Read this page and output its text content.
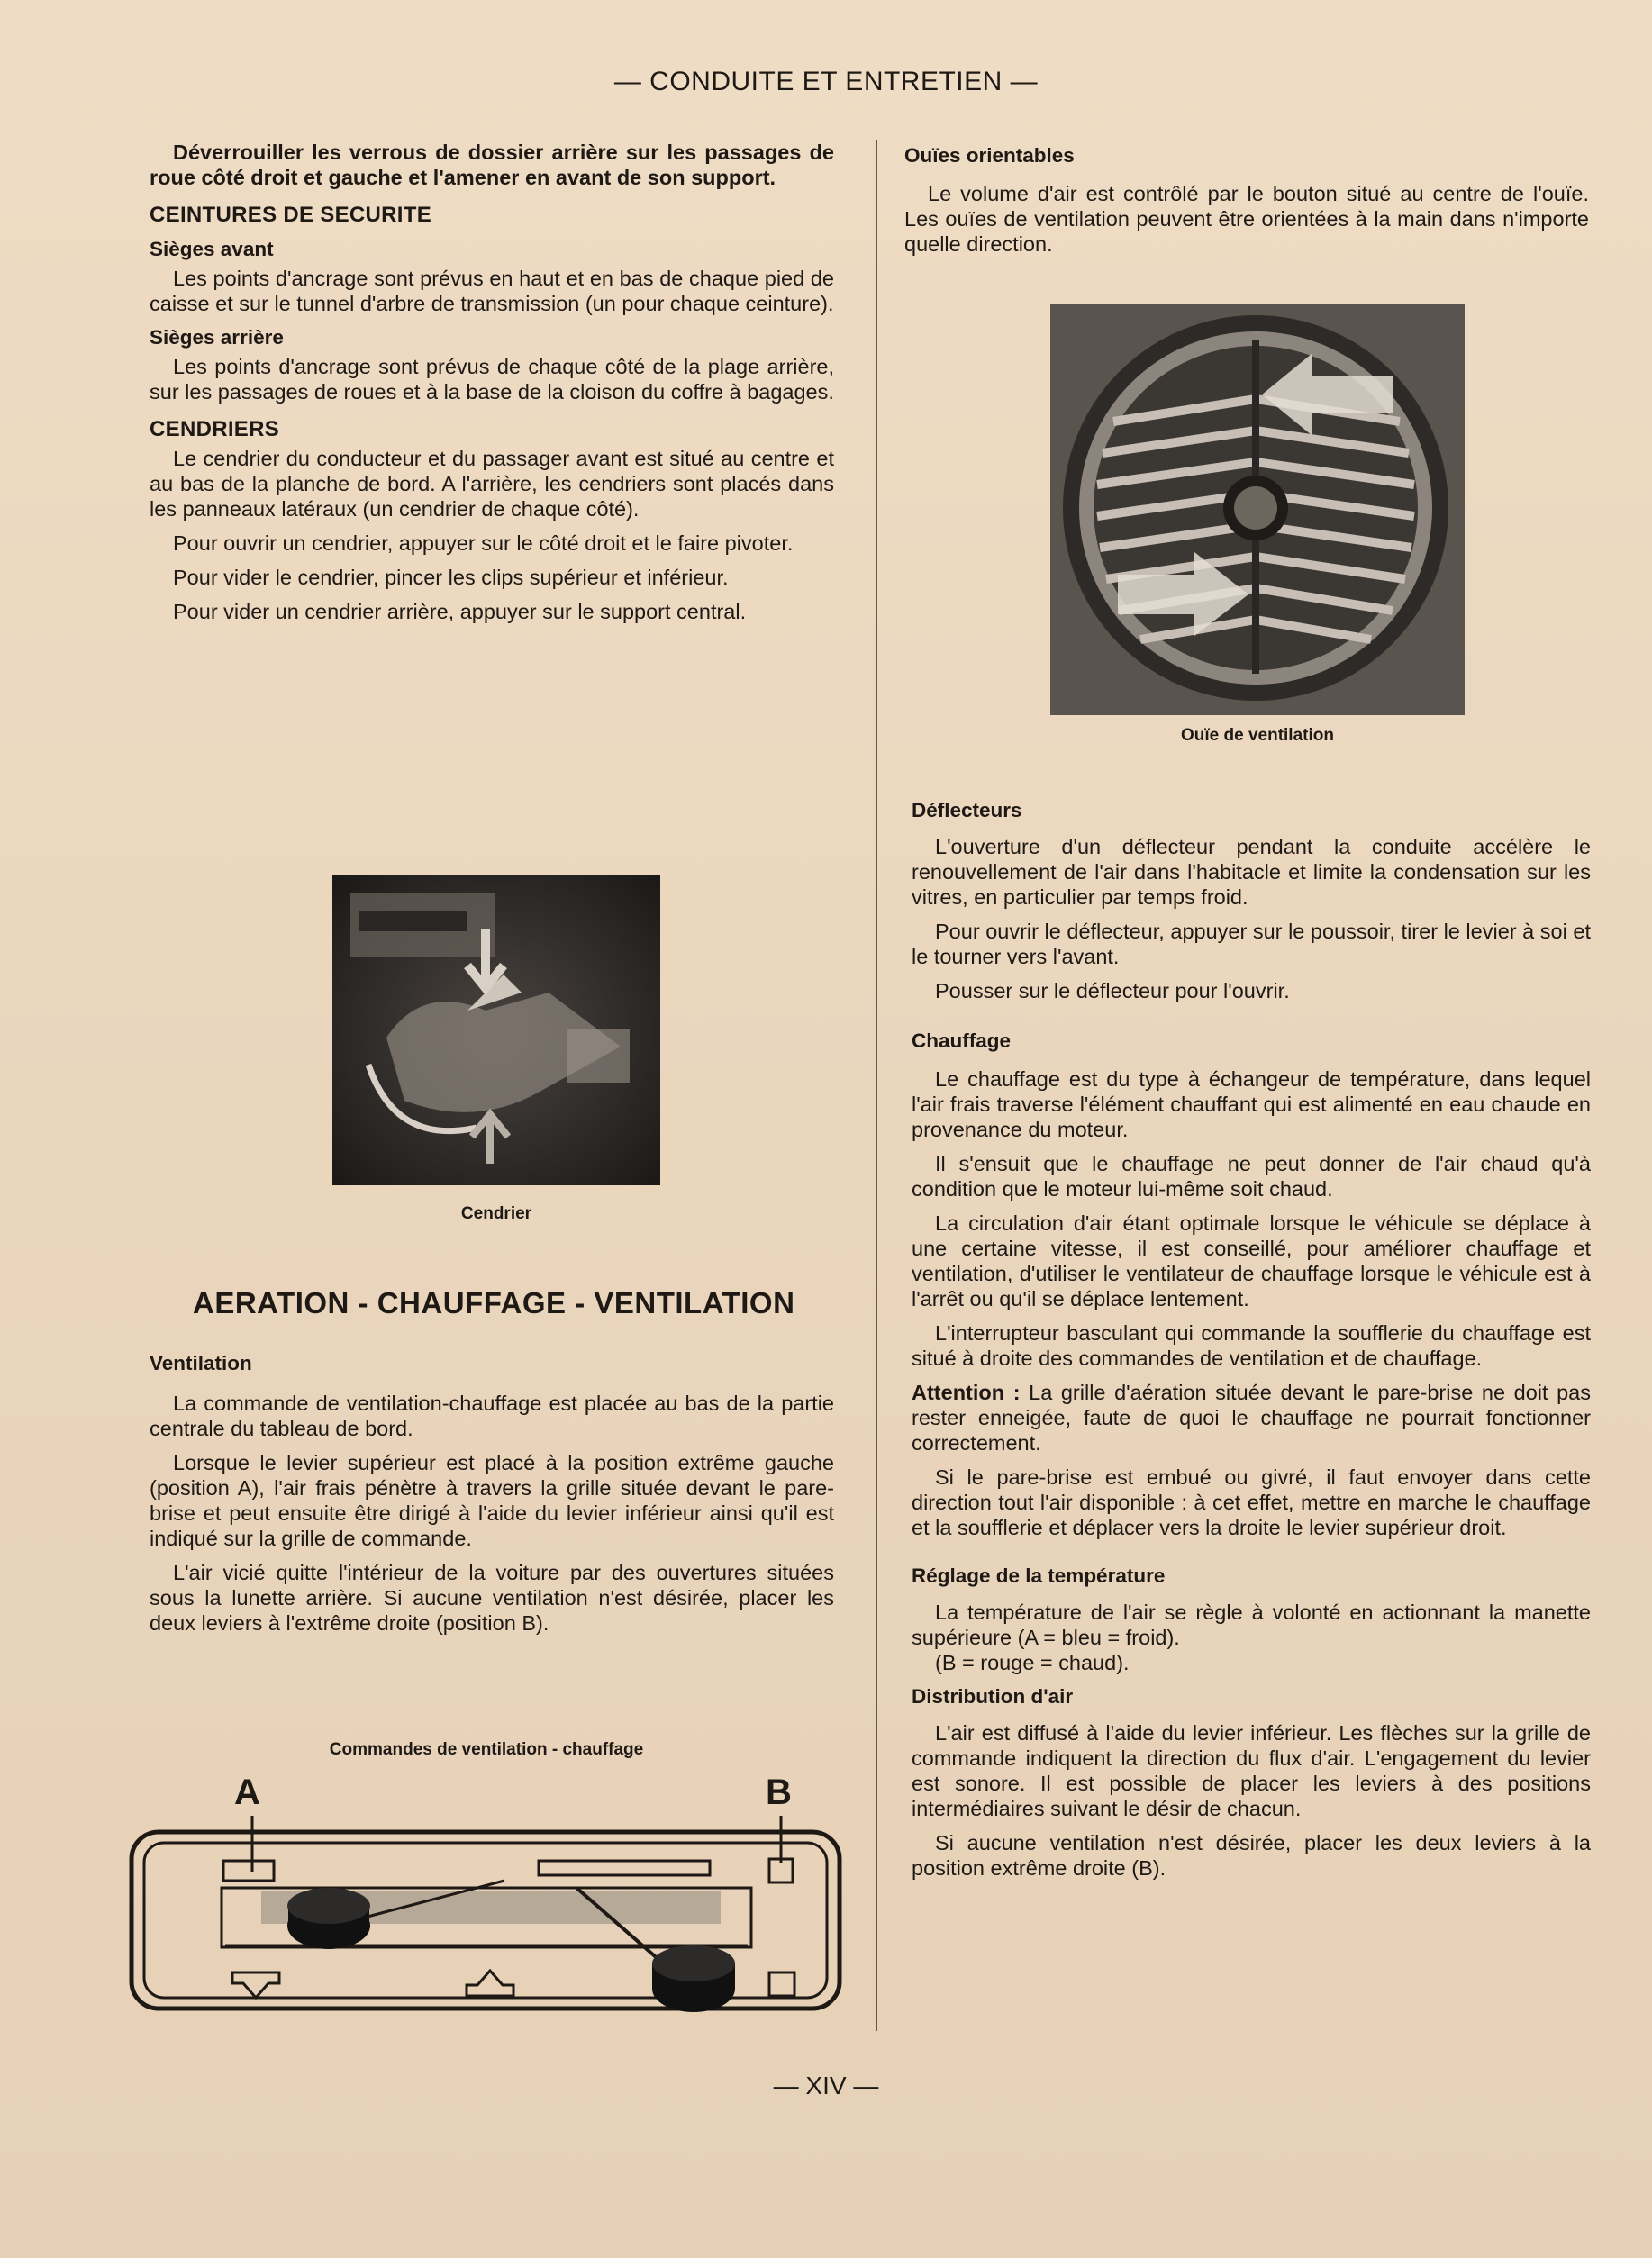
— CONDUITE ET ENTRETIEN —

Déverrouiller les verrous de dossier arrière sur les passages de roue côté droit et gauche et l'amener en avant de son support.

CEINTURES DE SECURITE
Sièges avant

Les points d'ancrage sont prévus en haut et en bas de chaque pied de caisse et sur le tunnel d'arbre de transmission (un pour chaque ceinture).

Sièges arrière

Les points d'ancrage sont prévus de chaque côté de la plage arrière, sur les passages de roues et à la base de la cloison du coffre à bagages.

CENDRIERS

Le cendrier du conducteur et du passager avant est situé au centre et au bas de la planche de bord. A l'arrière, les cendriers sont placés dans les panneaux latéraux (un cendrier de chaque côté).

Pour ouvrir un cendrier, appuyer sur le côté droit et le faire pivoter.

Pour vider le cendrier, pincer les clips supérieur et inférieur.

Pour vider un cendrier arrière, appuyer sur le support central.

Cendrier
AERATION - CHAUFFAGE - VENTILATION
Ventilation

La commande de ventilation-chauffage est placée au bas de la partie centrale du tableau de bord.

Lorsque le levier supérieur est placé à la position extrême gauche (position A), l'air frais pénètre à travers la grille située devant le pare-brise et peut ensuite être dirigé à l'aide du levier inférieur ainsi qu'il est indiqué sur la grille de commande.

L'air vicié quitte l'intérieur de la voiture par des ouvertures situées sous la lunette arrière. Si aucune ventilation n'est désirée, placer les deux leviers à l'extrême droite (position B).

Commandes de ventilation - chauffage
A	B
Ouïes orientables

Le volume d'air est contrôlé par le bouton situé au centre de l'ouïe. Les ouïes de ventilation peuvent être orientées à la main dans n'importe quelle direction.

Ouïe de ventilation
Déflecteurs

L'ouverture d'un déflecteur pendant la conduite accélère le renouvellement de l'air dans l'habitacle et limite la condensation sur les vitres, en particulier par temps froid.

Pour ouvrir le déflecteur, appuyer sur le poussoir, tirer le levier à soi et le tourner vers l'avant.

Pousser sur le déflecteur pour l'ouvrir.

Chauffage

Le chauffage est du type à échangeur de température, dans lequel l'air frais traverse l'élément chauffant qui est alimenté en eau chaude en provenance du moteur.

Il s'ensuit que le chauffage ne peut donner de l'air chaud qu'à condition que le moteur lui-même soit chaud.

La circulation d'air étant optimale lorsque le véhicule se déplace à une certaine vitesse, il est conseillé, pour améliorer chauffage et ventilation, d'utiliser le ventilateur de chauffage lorsque le véhicule est à l'arrêt ou qu'il se déplace lentement.

L'interrupteur basculant qui commande la soufflerie du chauffage est situé à droite des commandes de ventilation et de chauffage.

Attention : La grille d'aération située devant le pare-brise ne doit pas rester enneigée, faute de quoi le chauffage ne pourrait fonctionner correctement.

Si le pare-brise est embué ou givré, il faut envoyer dans cette direction tout l'air disponible : à cet effet, mettre en marche le chauffage et la soufflerie et déplacer vers la droite le levier supérieur droit.

Réglage de la température

La température de l'air se règle à volonté en actionnant la manette supérieure (A = bleu = froid).

(B = rouge = chaud).

Distribution d'air

L'air est diffusé à l'aide du levier inférieur. Les flèches sur la grille de commande indiquent la direction du flux d'air. L'engagement du levier est sonore. Il est possible de placer les leviers à des positions intermédiaires suivant le désir de chacun.

Si aucune ventilation n'est désirée, placer les deux leviers à la position extrême droite (B).

— XIV —
